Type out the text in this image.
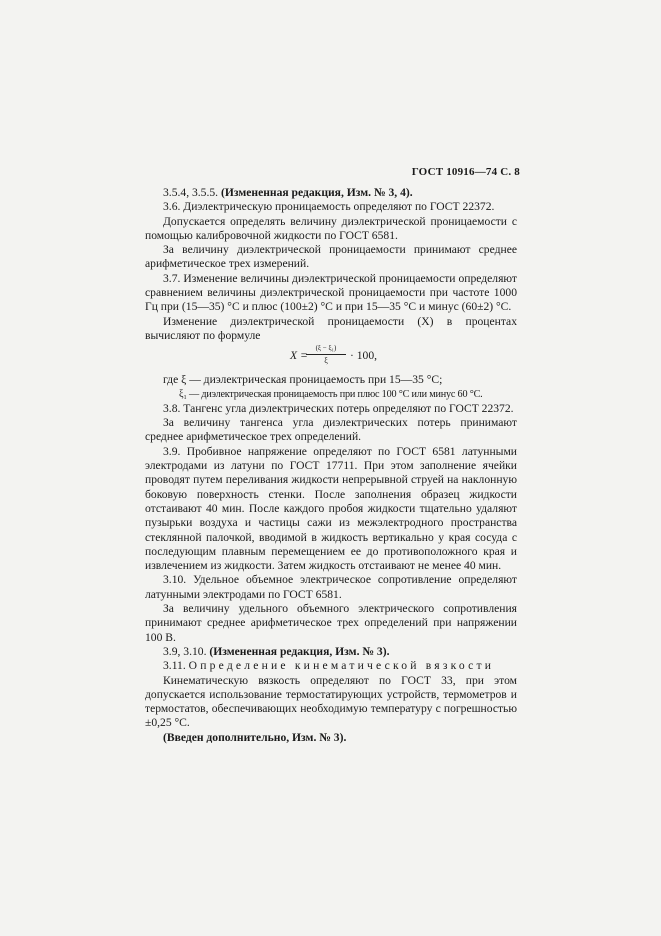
ГОСТ 10916—74 С. 8

3.5.4, 3.5.5. (Измененная редакция, Изм. № 3, 4).

3.6. Диэлектрическую проницаемость определяют по ГОСТ 22372.

Допускается определять величину диэлектрической проницаемости с помощью калибровочной жидкости по ГОСТ 6581.

За величину диэлектрической проницаемости принимают среднее арифметическое трех измерений.

3.7. Изменение величины диэлектрической проницаемости определяют сравнением величины диэлектрической проницаемости при частоте 1000 Гц при (15—35) °С и плюс (100±2) °С и при 15—35 °С и минус (60±2) °С.

Изменение диэлектрической проницаемости (X) в процентах вычисляют по формуле

X =
$\frac{\text{(ξ − ξ₁)}}{\xi} \cdot 100$,

где ξ — диэлектрическая проницаемость при 15—35 °С;

ξ₁ — диэлектрическая проницаемость при плюс 100 °С или минус 60 °С.

3.8. Тангенс угла диэлектрических потерь определяют по ГОСТ 22372.

За величину тангенса угла диэлектрических потерь принимают среднее арифметическое трех определений.

3.9. Пробивное напряжение определяют по ГОСТ 6581 латунными электродами из латуни по ГОСТ 17711. При этом заполнение ячейки проводят путем переливания жидкости непрерывной струей на наклонную боковую поверхность стенки. После заполнения образец жидкости отстаивают 40 мин. После каждого пробоя жидкости тщательно удаляют пузырьки воздуха и частицы сажи из межэлектродного пространства стеклянной палочкой, вводимой в жидкость вертикально у края сосуда с последующим плавным перемещением ее до противоположного края и извлечением из жидкости. Затем жидкость отстаивают не менее 40 мин.

3.10. Удельное объемное электрическое сопротивление определяют латунными электродами по ГОСТ 6581.

За величину удельного объемного электрического сопротивления принимают среднее арифметическое трех определений при напряжении 100 В.

3.9, 3.10. (Измененная редакция, Изм. № 3).

3.11. Определение кинематической вязкости

Кинематическую вязкость определяют по ГОСТ 33, при этом допускается использование термостатирующих устройств, термометров и термостатов, обеспечивающих необходимую температуру с погрешностью ±0,25 °С.

(Введен дополнительно, Изм. № 3).
